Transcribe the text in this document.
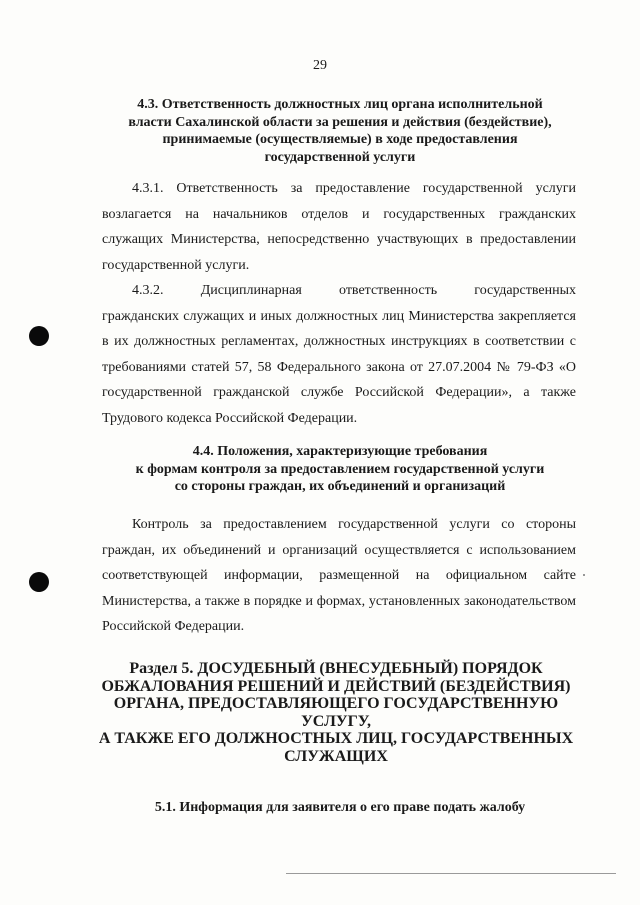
29
4.3. Ответственность должностных лиц органа исполнительной
власти Сахалинской области за решения и действия (бездействие),
принимаемые (осуществляемые) в ходе предоставления
государственной услуги
4.3.1. Ответственность за предоставление государственной услуги
возлагается на начальников отделов и государственных гражданских
служащих Министерства, непосредственно участвующих в предоставлении
государственной услуги.
4.3.2. Дисциплинарная ответственность государственных
гражданских служащих и иных должностных лиц Министерства закрепляется
в их должностных регламентах, должностных инструкциях в соответствии с
требованиями статей 57, 58 Федерального закона от 27.07.2004 № 79-ФЗ «О
государственной гражданской службе Российской Федерации», а также
Трудового кодекса Российской Федерации.
4.4. Положения, характеризующие требования
к формам контроля за предоставлением государственной услуги
со стороны граждан, их объединений и организаций
Контроль за предоставлением государственной услуги со стороны
граждан, их объединений и организаций осуществляется с использованием
соответствующей информации, размещенной на официальном сайте
Министерства, а также в порядке и формах, установленных законодательством
Российской Федерации.
Раздел 5. ДОСУДЕБНЫЙ (ВНЕСУДЕБНЫЙ) ПОРЯДОК
ОБЖАЛОВАНИЯ РЕШЕНИЙ И ДЕЙСТВИЙ (БЕЗДЕЙСТВИЯ)
ОРГАНА, ПРЕДОСТАВЛЯЮЩЕГО ГОСУДАРСТВЕННУЮ УСЛУГУ,
А ТАКЖЕ ЕГО ДОЛЖНОСТНЫХ ЛИЦ, ГОСУДАРСТВЕННЫХ
СЛУЖАЩИХ
5.1. Информация для заявителя о его праве подать жалобу
